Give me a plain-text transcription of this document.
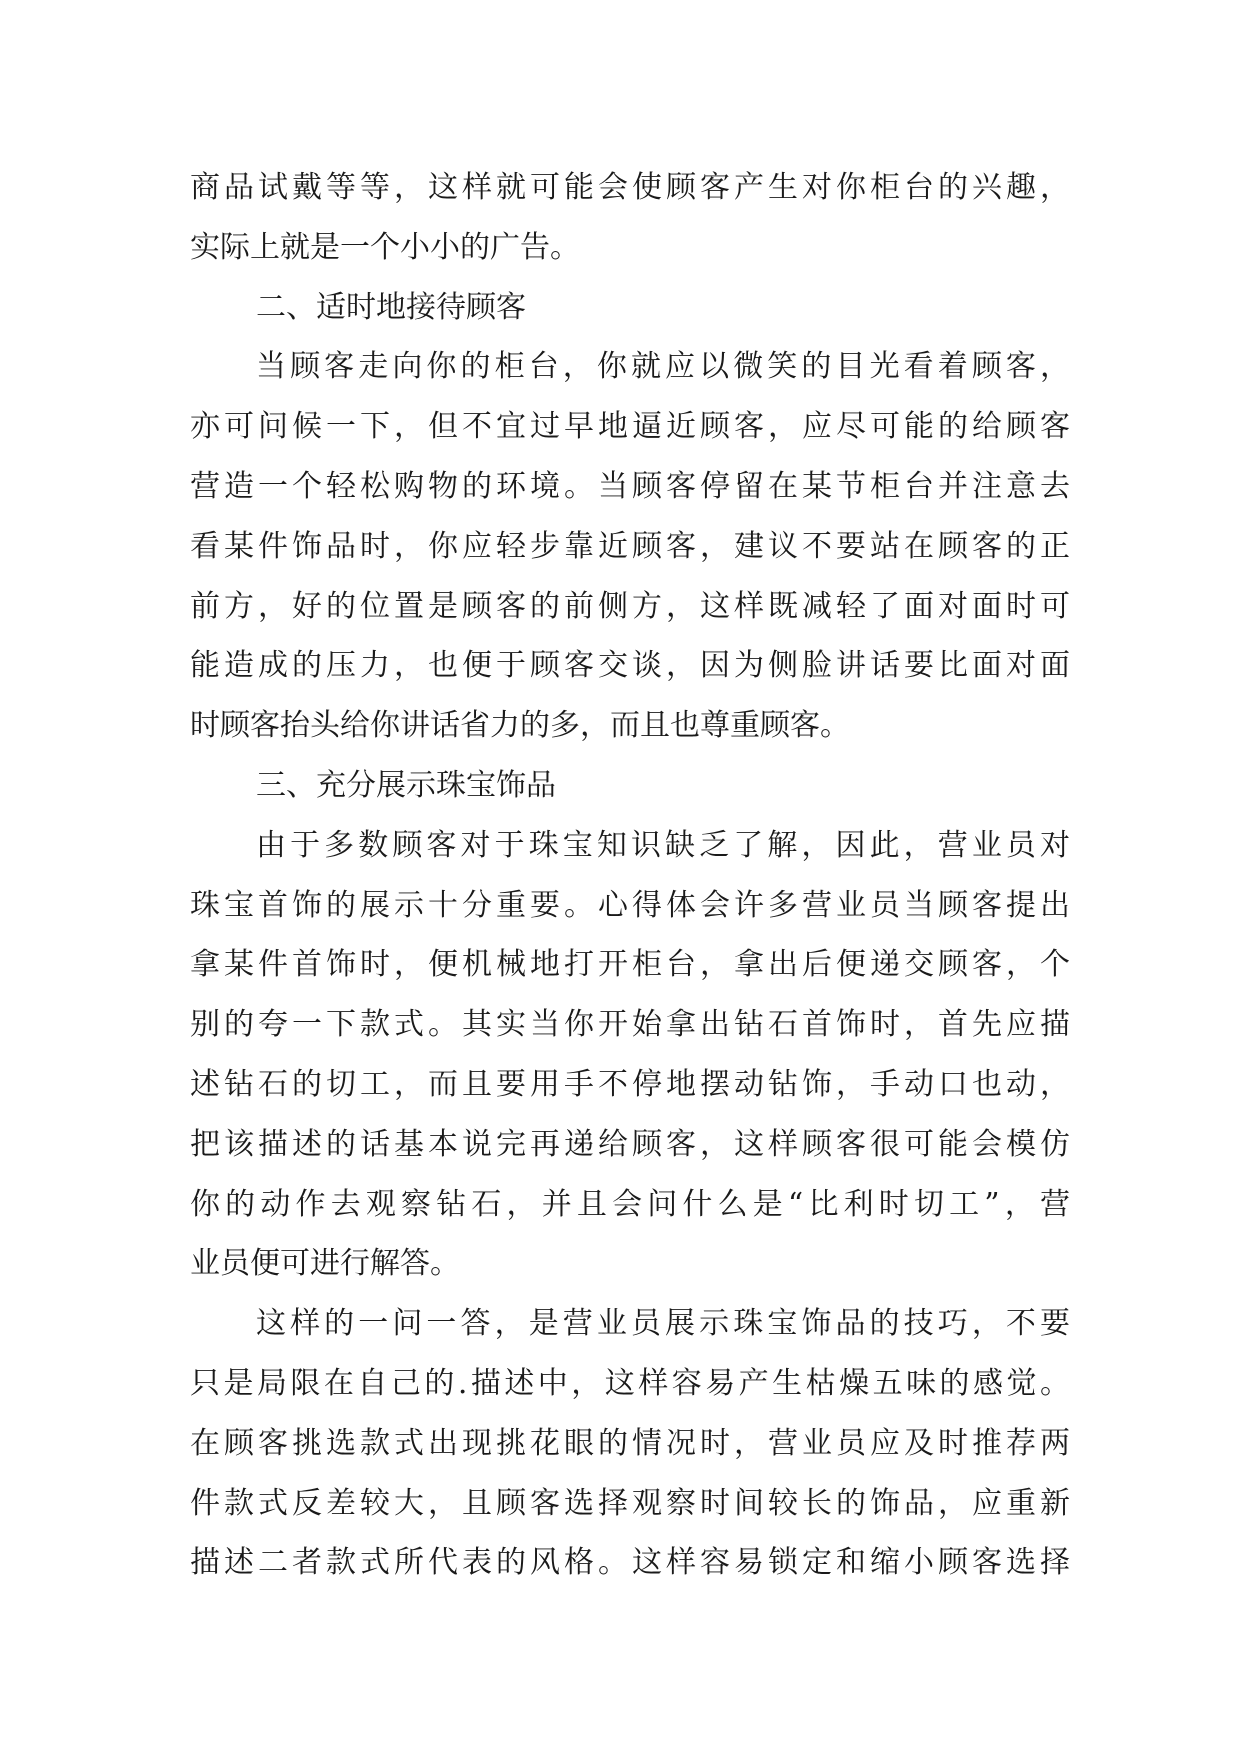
商品试戴等等，这样就可能会使顾客产生对你柜台的兴趣，
实际上就是一个小小的广告。
二、适时地接待顾客
当顾客走向你的柜台，你就应以微笑的目光看着顾客，
亦可问候一下，但不宜过早地逼近顾客，应尽可能的给顾客
营造一个轻松购物的环境。当顾客停留在某节柜台并注意去
看某件饰品时，你应轻步靠近顾客，建议不要站在顾客的正
前方，好的位置是顾客的前侧方，这样既减轻了面对面时可
能造成的压力，也便于顾客交谈，因为侧脸讲话要比面对面
时顾客抬头给你讲话省力的多，而且也尊重顾客。
三、充分展示珠宝饰品
由于多数顾客对于珠宝知识缺乏了解，因此，营业员对
珠宝首饰的展示十分重要。心得体会许多营业员当顾客提出
拿某件首饰时，便机械地打开柜台，拿出后便递交顾客，个
别的夸一下款式。其实当你开始拿出钻石首饰时，首先应描
述钻石的切工，而且要用手不停地摆动钻饰，手动口也动，
把该描述的话基本说完再递给顾客，这样顾客很可能会模仿
你的动作去观察钻石，并且会问什么是“比利时切工”，营
业员便可进行解答。
这样的一问一答，是营业员展示珠宝饰品的技巧，不要
只是局限在自己的.描述中，这样容易产生枯燥五味的感觉。
在顾客挑选款式出现挑花眼的情况时，营业员应及时推荐两
件款式反差较大，且顾客选择观察时间较长的饰品，应重新
描述二者款式所代表的风格。这样容易锁定和缩小顾客选择
